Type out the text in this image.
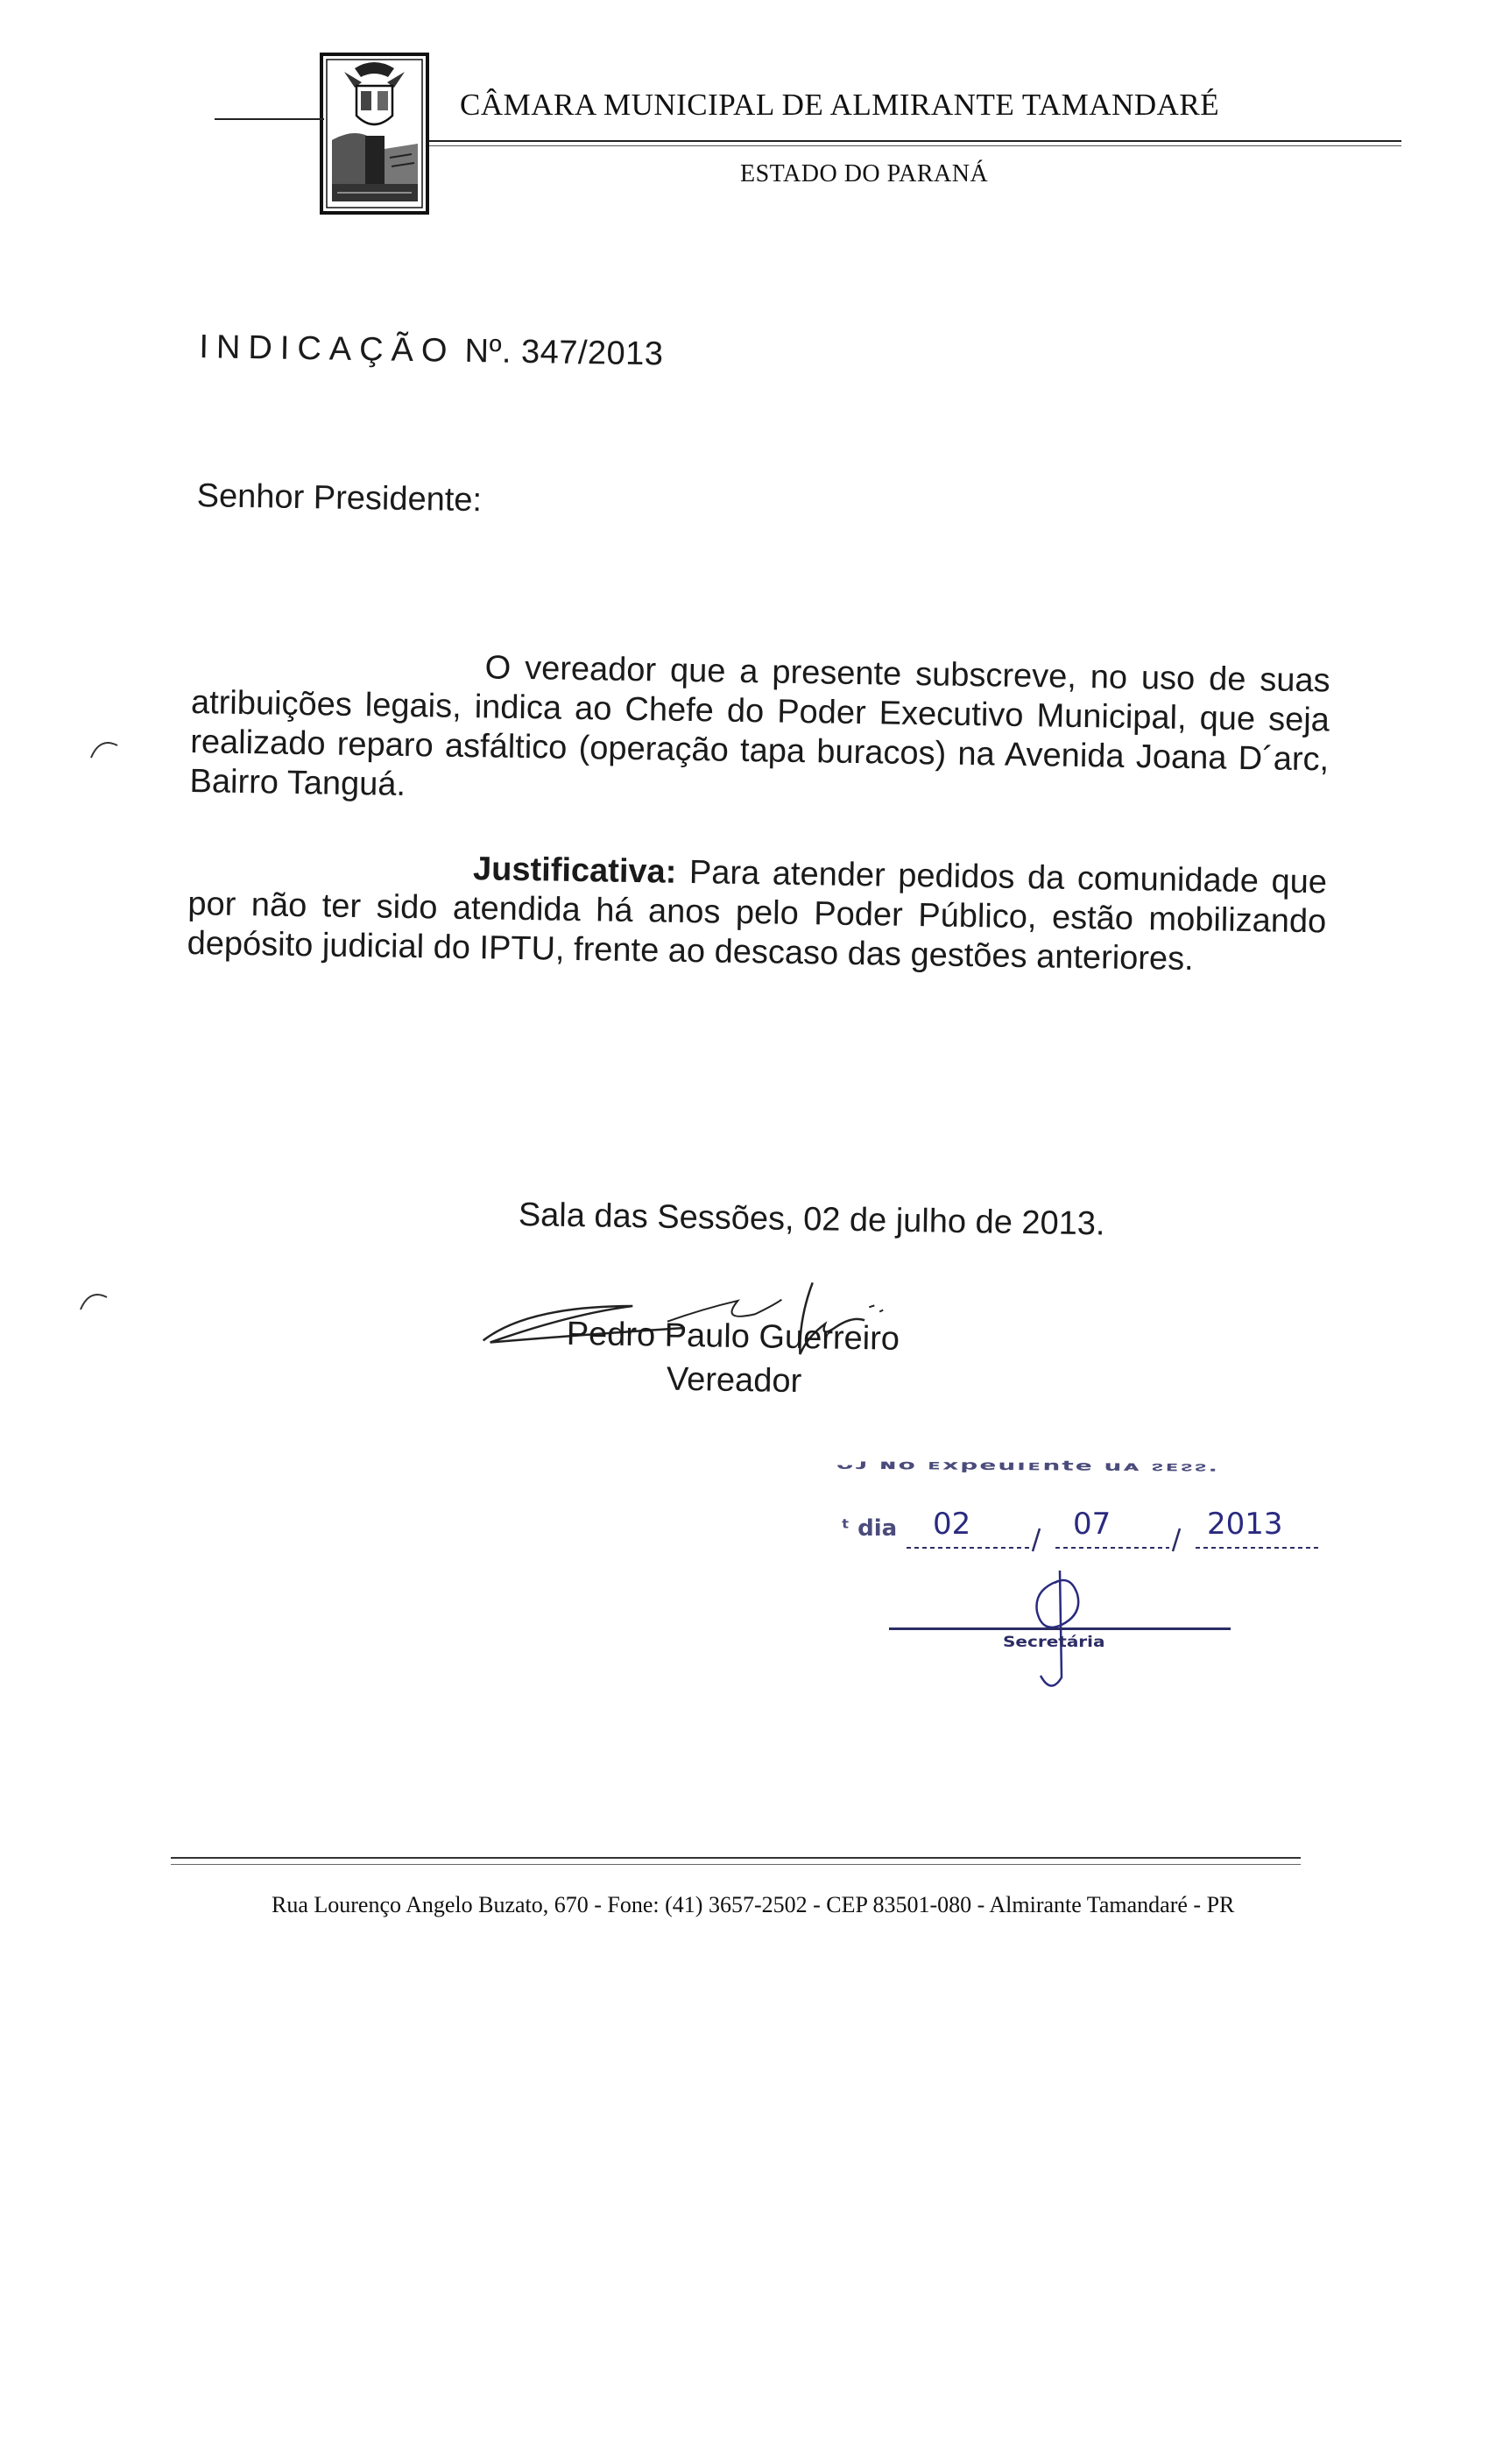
CÂMARA MUNICIPAL DE ALMIRANTE TAMANDARÉ
ESTADO DO PARANÁ
INDICAÇÃO Nº. 347/2013
Senhor Presidente:
O vereador que a presente subscreve, no uso de suas atribuições legais, indica ao Chefe do Poder Executivo Municipal, que seja realizado reparo asfáltico (operação tapa buracos) na Avenida Joana D´arc, Bairro Tanguá.
Justificativa: Para atender pedidos da comunidade que por não ter sido atendida há anos pelo Poder Público, estão mobilizando depósito judicial do IPTU, frente ao descaso das gestões anteriores.
Sala das Sessões, 02 de julho de 2013.
Pedro Paulo Guerreiro
Vereador
ᴗᴊ ɴᴏ ᴇxpeuıᴇnte uᴀ ᴤᴇᴤᴤ.
ᵗ dia 02	07	2013
Secretária
Rua Lourenço Angelo Buzato, 670 - Fone: (41) 3657-2502 - CEP 83501-080 - Almirante Tamandaré - PR
